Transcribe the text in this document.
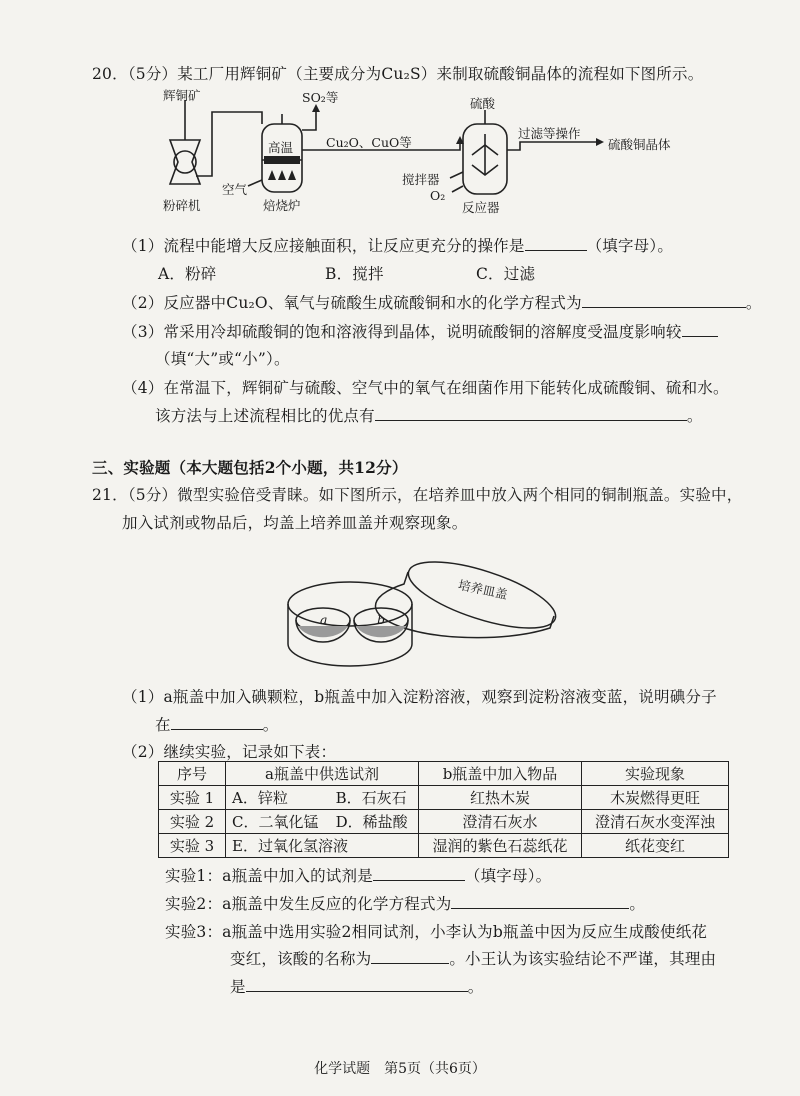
20．（5分）某工厂用辉铜矿（主要成分为Cu₂S）来制取硫酸铜晶体的流程如下图所示。
辉铜矿
粉碎机
SO₂等
高温
空气
焙烧炉
Cu₂O、CuO等
硫酸
过滤等操作
硫酸铜晶体
搅拌器
O₂
反应器
（1）流程中能增大反应接触面积，让反应更充分的操作是	（填字母）。
A．粉碎	B．搅拌	C．过滤
（2）反应器中Cu₂O、氧气与硫酸生成硫酸铜和水的化学方程式为	。
（3）常采用冷却硫酸铜的饱和溶液得到晶体，说明硫酸铜的溶解度受温度影响较
（填“大”或“小”）。
（4）在常温下，辉铜矿与硫酸、空气中的氧气在细菌作用下能转化成硫酸铜、硫和水。
该方法与上述流程相比的优点有	。
三、实验题（本大题包括2个小题，共12分）
21．（5分）微型实验倍受青睐。如下图所示，在培养皿中放入两个相同的铜制瓶盖。实验中，
加入试剂或物品后，均盖上培养皿盖并观察现象。
a	b
培养皿盖
（1）a瓶盖中加入碘颗粒，b瓶盖中加入淀粉溶液，观察到淀粉溶液变蓝，说明碘分子
在	。
（2）继续实验，记录如下表：
序号	a瓶盖中供选试剂		b瓶盖中加入物品	实验现象
实验 1	A．锌粒	B．石灰石	红热木炭	木炭燃得更旺
实验 2	C．二氧化锰	D．稀盐酸	澄清石灰水	澄清石灰水变浑浊
实验 3	E．过氧化氢溶液		湿润的紫色石蕊纸花	纸花变红
实验1：a瓶盖中加入的试剂是	（填字母）。
实验2：a瓶盖中发生反应的化学方程式为	。
实验3：a瓶盖中选用实验2相同试剂，小李认为b瓶盖中因为反应生成酸使纸花
变红，该酸的名称为	。小王认为该实验结论不严谨，其理由
是	。
化学试题　第5页（共6页）
